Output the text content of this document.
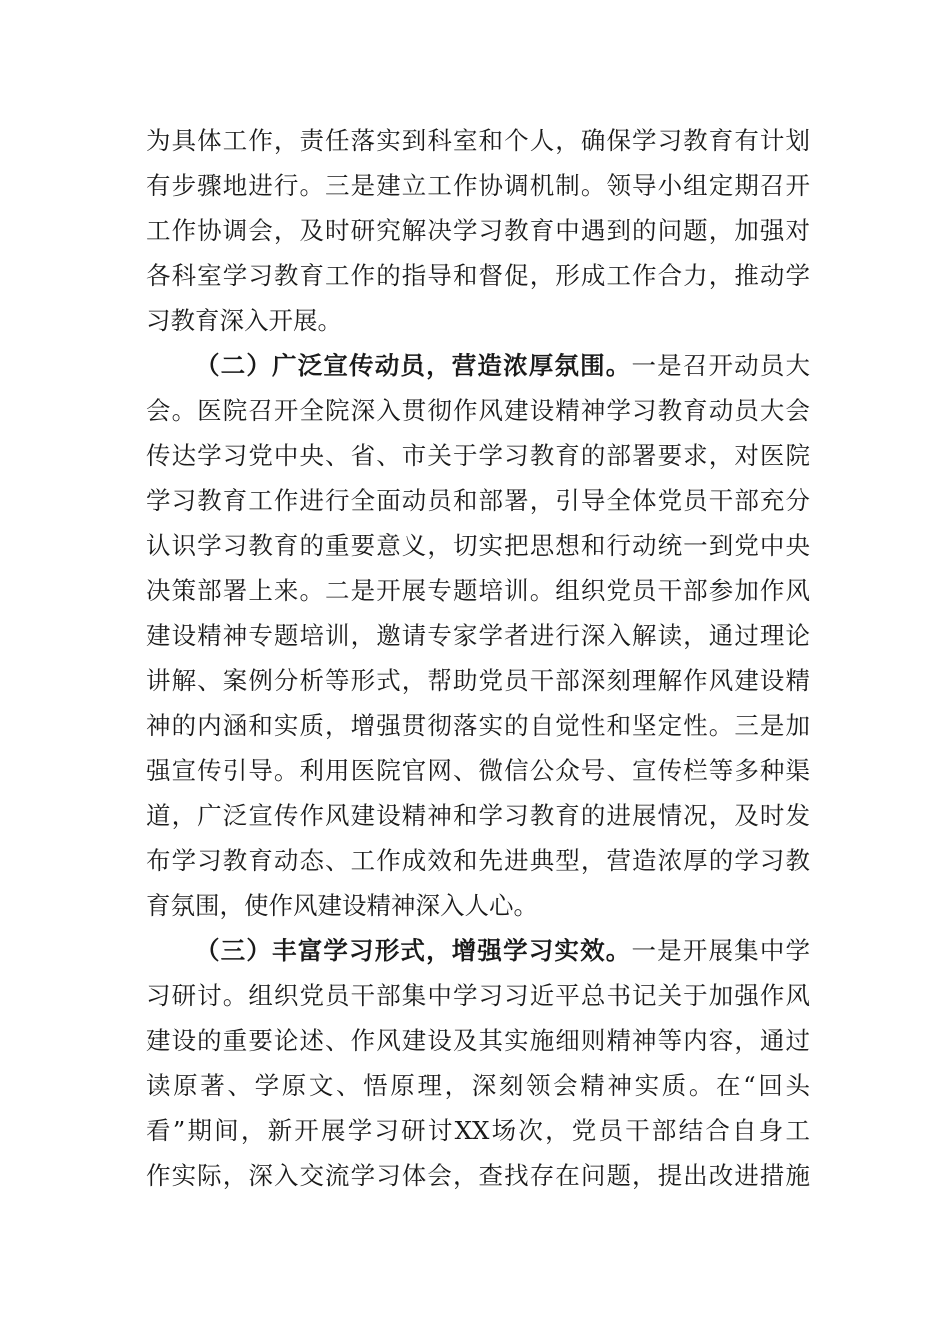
为具体工作，责任落实到科室和个人，确保学习教育有计划
有步骤地进行。三是建立工作协调机制。领导小组定期召开
工作协调会，及时研究解决学习教育中遇到的问题，加强对
各科室学习教育工作的指导和督促，形成工作合力，推动学
习教育深入开展。
（二）广泛宣传动员，营造浓厚氛围。一是召开动员大
会。医院召开全院深入贯彻作风建设精神学习教育动员大会
传达学习党中央、省、市关于学习教育的部署要求，对医院
学习教育工作进行全面动员和部署，引导全体党员干部充分
认识学习教育的重要意义，切实把思想和行动统一到党中央
决策部署上来。二是开展专题培训。组织党员干部参加作风
建设精神专题培训，邀请专家学者进行深入解读，通过理论
讲解、案例分析等形式，帮助党员干部深刻理解作风建设精
神的内涵和实质，增强贯彻落实的自觉性和坚定性。三是加
强宣传引导。利用医院官网、微信公众号、宣传栏等多种渠
道，广泛宣传作风建设精神和学习教育的进展情况，及时发
布学习教育动态、工作成效和先进典型，营造浓厚的学习教
育氛围，使作风建设精神深入人心。
（三）丰富学习形式，增强学习实效。一是开展集中学
习研讨。组织党员干部集中学习习近平总书记关于加强作风
建设的重要论述、作风建设及其实施细则精神等内容，通过
读原著、学原文、悟原理，深刻领会精神实质。在“回头
看”期间，新开展学习研讨XX场次，党员干部结合自身工
作实际，深入交流学习体会，查找存在问题，提出改进措施
